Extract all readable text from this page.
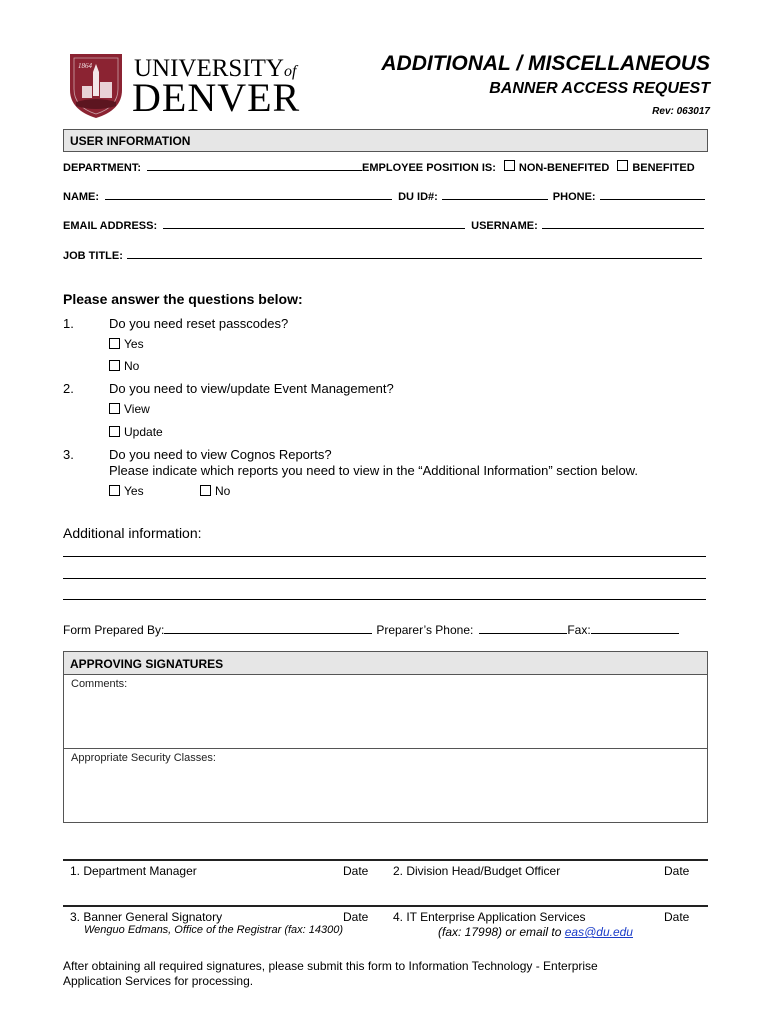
1864 UNIVERSITYof
DENVER
ADDITIONAL / MISCELLANEOUS
BANNER ACCESS REQUEST
Rev: 063017
USER INFORMATION
DEPARTMENT:	EMPLOYEE POSITION IS: NON-BENEFITED BENEFITED
NAME:	DU ID#:	PHONE:
EMAIL ADDRESS:	USERNAME:
JOB TITLE:
Please answer the questions below:
1.	Do you need reset passcodes?
Yes
No
2.	Do you need to view/update Event Management?
View
Update
3.	Do you need to view Cognos Reports?
Please indicate which reports you need to view in the “Additional Information” section below.
Yes	No
Additional information:
Form Prepared By:	Preparer’s Phone:	Fax:
APPROVING SIGNATURES
Comments:
Appropriate Security Classes:
1. Department Manager	Date 2. Division Head/Budget Officer	Date
3. Banner General Signatory	Date
Wenguo Edmans, Office of the Registrar (fax: 14300)
4. IT Enterprise Application Services	Date
(fax: 17998) or email to eas@du.edu
After obtaining all required signatures, please submit this form to Information Technology - Enterprise
Application Services for processing.
